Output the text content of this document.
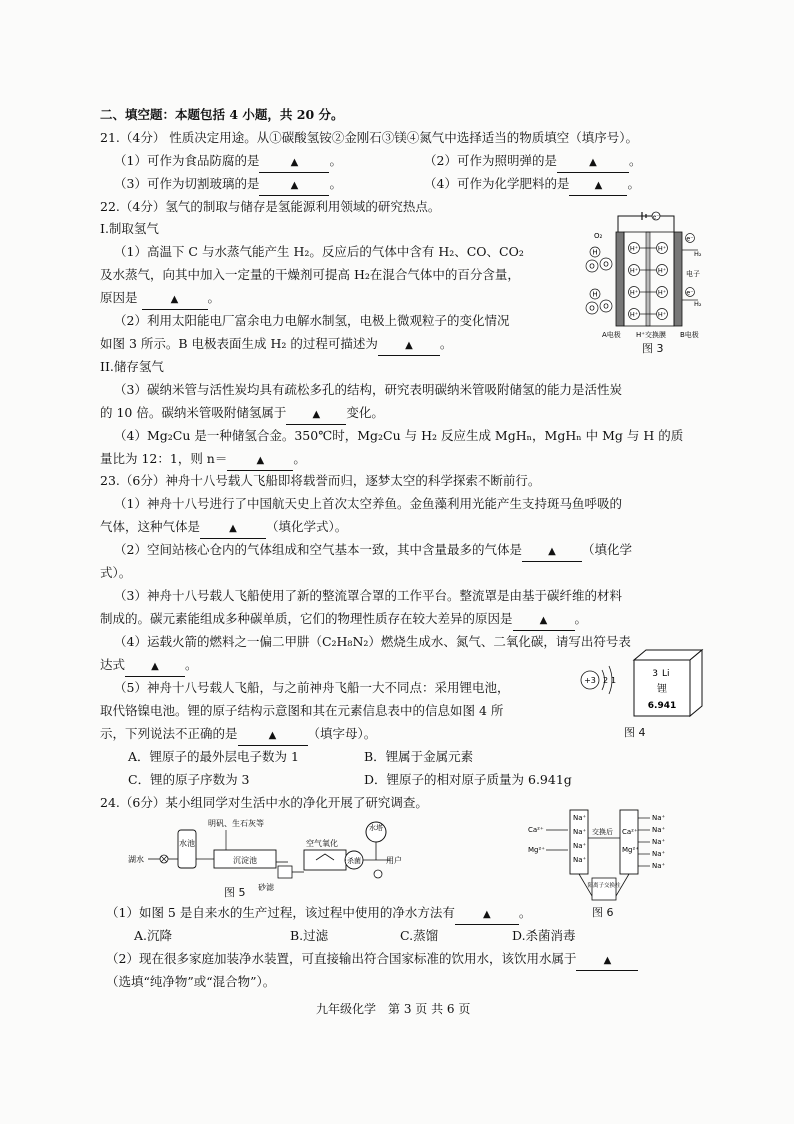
二、填空题：本题包括 4 小题，共 20 分。
21.（4分） 性质决定用途。从①碳酸氢铵②金刚石③镁④氮气中选择适当的物质填空（填序号）。
（1）可作为食品防腐的是	▲ 。	（2）可作为照明弹的是	▲	。
（3）可作为切割玻璃的是	▲ 。	（4）可作为化学肥料的是	▲ 。
22.（4分）氢气的制取与储存是氢能源利用领域的研究热点。
I.制取氢气
（1）高温下 C 与水蒸气能产生 H₂。反应后的气体中含有 H₂、CO、CO₂
及水蒸气，向其中加入一定量的干燥剂可提高 H₂在混合气体中的百分含量，
原因是	▲ 。
（2）利用太阳能电厂富余电力电解水制氢，电极上微观粒子的变化情况
如图 3 所示。B 电极表面生成 H₂ 的过程可描述为	▲ 。
II.储存氢气
（3）碳纳米管与活性炭均具有疏松多孔的结构，研究表明碳纳米管吸附储氢的能力是活性炭
的 10 倍。碳纳米管吸附储氢属于	▲ 变化。
（4）Mg₂Cu 是一种储氢合金。350℃时，Mg₂Cu 与 H₂ 反应生成 MgHₙ，MgHₙ 中 Mg 与 H 的质
量比为 12：1，则 n＝	▲ 。
e⁻
H⁺	H⁺
H⁺	H⁺
H⁺	H⁺
H⁺	H⁺
O₂
H
O O
H
O O
e⁻
H₂
电子
e⁻
H₂
A电极 H⁺交换膜 B电极
图 3
23.（6分）神舟十八号载人飞船即将载誉而归，逐梦太空的科学探索不断前行。
（1）神舟十八号进行了中国航天史上首次太空养鱼。金鱼藻利用光能产生支持斑马鱼呼吸的
气体，这种气体是	▲ （填化学式）。
（2）空间站核心仓内的气体组成和空气基本一致，其中含量最多的气体是	▲ （填化学
式）。
（3）神舟十八号载人飞船使用了新的整流罩合罩的工作平台。整流罩是由基于碳纤维的材料
制成的。碳元素能组成多种碳单质，它们的物理性质存在较大差异的原因是	▲ 。
（4）运载火箭的燃料之一偏二甲肼（C₂H₈N₂）燃烧生成水、氮气、二氧化碳，请写出符号表
达式	▲ 。
（5）神舟十八号载人飞船，与之前神舟飞船一大不同点：采用锂电池，
取代铬镍电池。锂的原子结构示意图和其在元素信息表中的信息如图 4 所
示，下列说法不正确的是	▲ （填字母）。
A．锂原子的最外层电子数为 1	B．锂属于金属元素
C．锂的原子序数为 3	D．锂原子的相对原子质量为 6.941g
+3 2 1
3 Li
锂
6.941
图 4
24.（6分）某小组同学对生活中水的净化开展了研究调查。
湖水
水池
明矾、生石灰等
沉淀池
砂滤
空气氧化
杀菌
水塔
用户
图 5	阳离子交换柱
Ca²⁺
Mg²⁺
Na⁺
Na⁺
Na⁺
Na⁺
交换后 Ca²⁺
Mg²⁺
Na⁺
Na⁺
Na⁺
Na⁺
Na⁺
图 6
（1）如图 5 是自来水的生产过程，该过程中使用的净水方法有	▲ 。
A.沉降	B.过滤	C.蒸馏	D.杀菌消毒
（2）现在很多家庭加装净水装置，可直接输出符合国家标准的饮用水，该饮用水属于	▲
（选填“纯净物”或“混合物”）。
九年级化学　第 3 页 共 6 页
